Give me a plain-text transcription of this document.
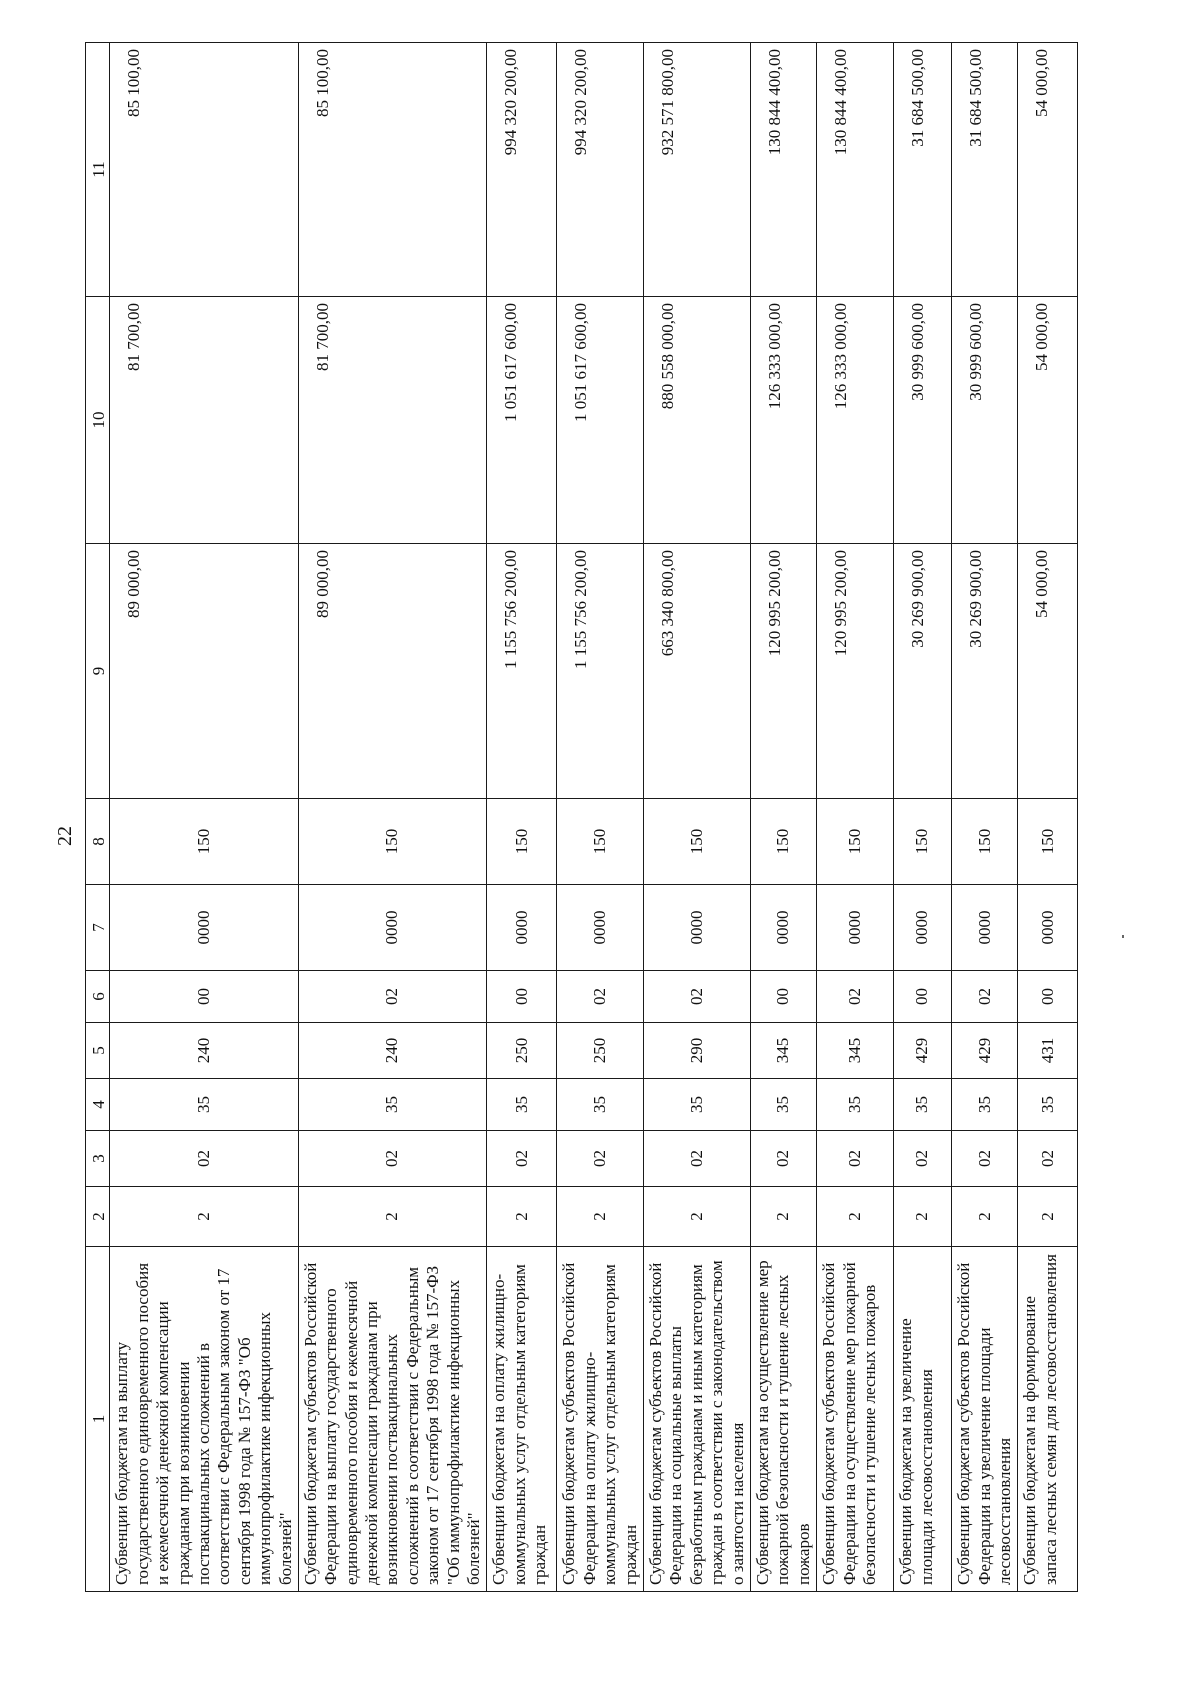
22
1	2	3	4	5	6	7	8	9	10	11
Субвенции бюджетам на выплату государственного единовременного пособия и ежемесячной денежной компенсации гражданам при возникновении поствакцинальных осложнений в соответствии с Федеральным законом от 17 сентября 1998 года № 157-ФЗ "Об иммунопрофилактике инфекционных болезней"	2	02	35	240	00	0000	150	89 000,00	81 700,00	85 100,00
Субвенции бюджетам субъектов Российской Федерации на выплату государственного единовременного пособия и ежемесячной денежной компенсации гражданам при возникновении поствакцинальных осложнений в соответствии с Федеральным законом от 17 сентября 1998 года № 157-ФЗ "Об иммунопрофилактике инфекционных болезней"	2	02	35	240	02	0000	150	89 000,00	81 700,00	85 100,00
Субвенции бюджетам на оплату жилищно-коммунальных услуг отдельным категориям граждан	2	02	35	250	00	0000	150	1 155 756 200,00	1 051 617 600,00	994 320 200,00
Субвенции бюджетам субъектов Российской Федерации на оплату жилищно-коммунальных услуг отдельным категориям граждан	2	02	35	250	02	0000	150	1 155 756 200,00	1 051 617 600,00	994 320 200,00
Субвенции бюджетам субъектов Российской Федерации на социальные выплаты безработным гражданам и иным категориям граждан в соответствии с законодательством о занятости населения	2	02	35	290	02	0000	150	663 340 800,00	880 558 000,00	932 571 800,00
Субвенции бюджетам на осуществление мер пожарной безопасности и тушение лесных пожаров	2	02	35	345	00	0000	150	120 995 200,00	126 333 000,00	130 844 400,00
Субвенции бюджетам субъектов Российской Федерации на осуществление мер пожарной безопасности и тушение лесных пожаров	2	02	35	345	02	0000	150	120 995 200,00	126 333 000,00	130 844 400,00
Субвенции бюджетам на увеличение площади лесовосстановления	2	02	35	429	00	0000	150	30 269 900,00	30 999 600,00	31 684 500,00
Субвенции бюджетам субъектов Российской Федерации на увеличение площади лесовосстановления	2	02	35	429	02	0000	150	30 269 900,00	30 999 600,00	31 684 500,00
Субвенции бюджетам на формирование запаса лесных семян для лесовосстановления	2	02	35	431	00	0000	150	54 000,00	54 000,00	54 000,00
